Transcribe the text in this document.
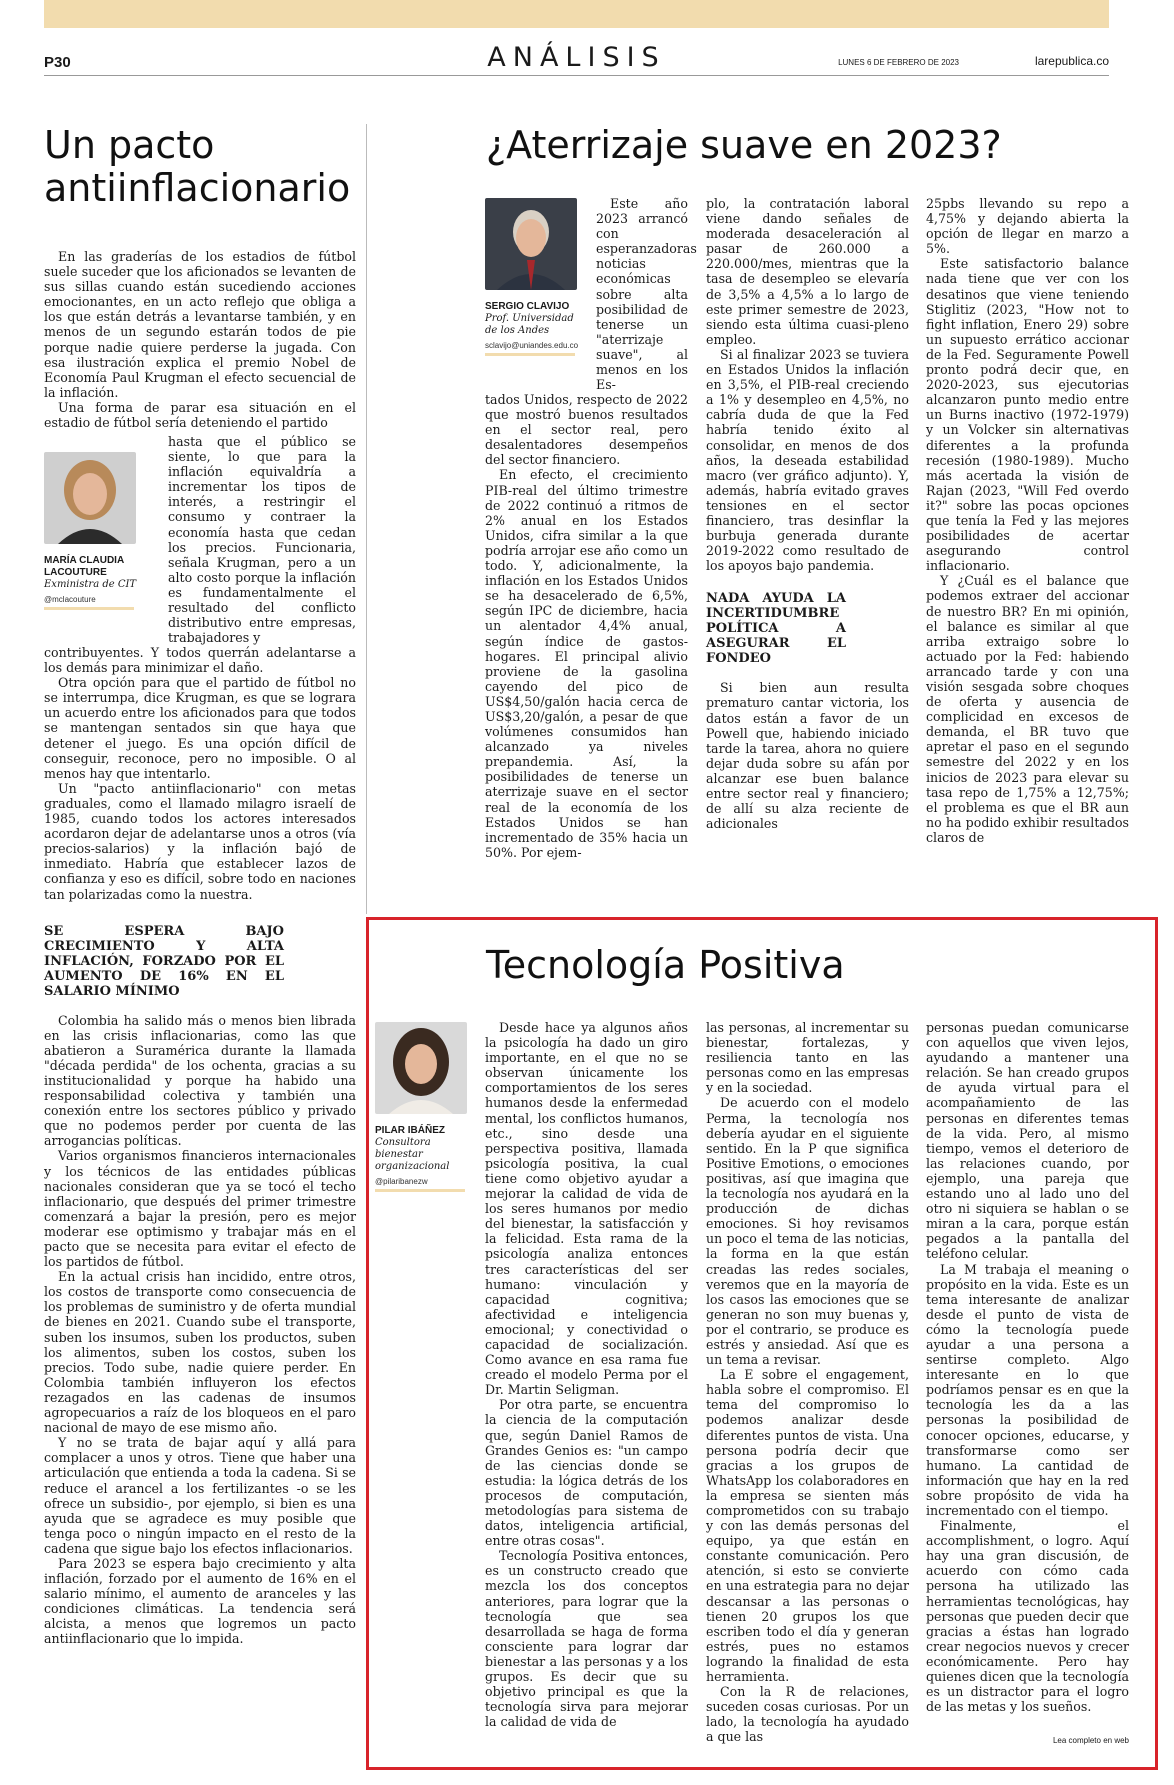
P30	ANÁLISIS	LUNES 6 DE FEBRERO DE 2023	larepublica.co
Un pacto
antiinflacionario

En las graderías de los estadios de fútbol suele suceder que los aficionados se levanten de sus sillas cuando están sucediendo acciones emocionantes, en un acto reflejo que obliga a los que están detrás a levantarse también, y en menos de un segundo estarán todos de pie porque nadie quiere perderse la jugada. Con esa ilustración explica el premio Nobel de Economía Paul Krugman el efecto secuencial de la inflación.

Una forma de parar esa situación en el estadio de fútbol sería deteniendo el partido

MARÍA CLAUDIA LACOUTURE
Exministra de CIT
@mclacouture

hasta que el público se siente, lo que para la inflación equivaldría a incrementar los tipos de interés, a restringir el consumo y contraer la economía hasta que cedan los precios. Funcionaria, señala Krugman, pero a un alto costo porque la inflación es fundamentalmente el resultado del conflicto distributivo entre empresas, trabajadores y

contribuyentes. Y todos querrán adelantarse a los demás para minimizar el daño.

Otra opción para que el partido de fútbol no se interrumpa, dice Krugman, es que se lograra un acuerdo entre los aficionados para que todos se mantengan sentados sin que haya que detener el juego. Es una opción difícil de conseguir, reconoce, pero no imposible. O al menos hay que intentarlo.

Un "pacto antiinflacionario" con metas graduales, como el llamado milagro israelí de 1985, cuando todos los actores interesados acordaron dejar de adelantarse unos a otros (vía precios-salarios) y la inflación bajó de inmediato. Habría que establecer lazos de confianza y eso es difícil, sobre todo en naciones tan polarizadas como la nuestra.

SE ESPERA BAJO CRECIMIENTO Y ALTA INFLACIÓN, FORZADO POR EL AUMENTO DE 16% EN EL SALARIO MÍNIMO

Colombia ha salido más o menos bien librada en las crisis inflacionarias, como las que abatieron a Suramérica durante la llamada "década perdida" de los ochenta, gracias a su institucionalidad y porque ha habido una responsabilidad colectiva y también una conexión entre los sectores público y privado que no podemos perder por cuenta de las arrogancias políticas.

Varios organismos financieros internacionales y los técnicos de las entidades públicas nacionales consideran que ya se tocó el techo inflacionario, que después del primer trimestre comenzará a bajar la presión, pero es mejor moderar ese optimismo y trabajar más en el pacto que se necesita para evitar el efecto de los partidos de fútbol.

En la actual crisis han incidido, entre otros, los costos de transporte como consecuencia de los problemas de suministro y de oferta mundial de bienes en 2021. Cuando sube el transporte, suben los insumos, suben los productos, suben los alimentos, suben los costos, suben los precios. Todo sube, nadie quiere perder. En Colombia también influyeron los efectos rezagados en las cadenas de insumos agropecuarios a raíz de los bloqueos en el paro nacional de mayo de ese mismo año.

Y no se trata de bajar aquí y allá para complacer a unos y otros. Tiene que haber una articulación que entienda a toda la cadena. Si se reduce el arancel a los fertilizantes -o se les ofrece un subsidio-, por ejemplo, si bien es una ayuda que se agradece es muy posible que tenga poco o ningún impacto en el resto de la cadena que sigue bajo los efectos inflacionarios.

Para 2023 se espera bajo crecimiento y alta inflación, forzado por el aumento de 16% en el salario mínimo, el aumento de aranceles y las condiciones climáticas. La tendencia será alcista, a menos que logremos un pacto antiinflacionario que lo impida.

¿Aterrizaje suave en 2023?
SERGIO CLAVIJO
Prof. Universidad de los Andes
sclavijo@uniandes.edu.co

Este año 2023 arrancó con esperanzadoras noticias económicas sobre alta posibilidad de tenerse un "aterrizaje suave", al menos en los Es-

tados Unidos, respecto de 2022 que mostró buenos resultados en el sector real, pero desalentadores desempeños del sector financiero.

En efecto, el crecimiento PIB-real del último trimestre de 2022 continuó a ritmos de 2% anual en los Estados Unidos, cifra similar a la que podría arrojar ese año como un todo. Y, adicionalmente, la inflación en los Estados Unidos se ha desacelerado de 6,5%, según IPC de diciembre, hacia un alentador 4,4% anual, según índice de gastos-hogares. El principal alivio proviene de la gasolina cayendo del pico de US$4,50/galón hacia cerca de US$3,20/galón, a pesar de que volúmenes consumidos han alcanzado ya niveles prepandemia. Así, la posibilidades de tenerse un aterrizaje suave en el sector real de la economía de los Estados Unidos se han incrementado de 35% hacia un 50%. Por ejem-

plo, la contratación laboral viene dando señales de moderada desaceleración al pasar de 260.000 a 220.000/mes, mientras que la tasa de desempleo se elevaría de 3,5% a 4,5% a lo largo de este primer semestre de 2023, siendo esta última cuasi-pleno empleo.

Si al finalizar 2023 se tuviera en Estados Unidos la inflación en 3,5%, el PIB-real creciendo a 1% y desempleo en 4,5%, no cabría duda de que la Fed habría tenido éxito al consolidar, en menos de dos años, la deseada estabilidad macro (ver gráfico adjunto). Y, además, habría evitado graves tensiones en el sector financiero, tras desinflar la burbuja generada durante 2019-2022 como resultado de los apoyos bajo pandemia.

NADA AYUDA LA INCERTIDUMBRE POLÍTICA A ASEGURAR EL FONDEO

Si bien aun resulta prematuro cantar victoria, los datos están a favor de un Powell que, habiendo iniciado tarde la tarea, ahora no quiere dejar duda sobre su afán por alcanzar ese buen balance entre sector real y financiero; de allí su alza reciente de adicionales

25pbs llevando su repo a 4,75% y dejando abierta la opción de llegar en marzo a 5%.

Este satisfactorio balance nada tiene que ver con los desatinos que viene teniendo Stiglitiz (2023, "How not to fight inflation, Enero 29) sobre un supuesto errático accionar de la Fed. Seguramente Powell pronto podrá decir que, en 2020-2023, sus ejecutorias alcanzaron punto medio entre un Burns inactivo (1972-1979) y un Volcker sin alternativas diferentes a la profunda recesión (1980-1989). Mucho más acertada la visión de Rajan (2023, "Will Fed overdo it?" sobre las pocas opciones que tenía la Fed y las mejores posibilidades de acertar asegurando control inflacionario.

Y ¿Cuál es el balance que podemos extraer del accionar de nuestro BR? En mi opinión, el balance es similar al que arriba extraigo sobre lo actuado por la Fed: habiendo arrancado tarde y con una visión sesgada sobre choques de oferta y ausencia de complicidad en excesos de demanda, el BR tuvo que apretar el paso en el segundo semestre del 2022 y en los inicios de 2023 para elevar su tasa repo de 1,75% a 12,75%; el problema es que el BR aun no ha podido exhibir resultados claros de

Tecnología Positiva
PILAR IBÁÑEZ
Consultora bienestar organizacional
@pilaribanezw

Desde hace ya algunos años la psicología ha dado un giro importante, en el que no se observan únicamente los comportamientos de los seres humanos desde la enfermedad mental, los conflictos humanos, etc., sino desde una perspectiva positiva, llamada psicología positiva, la cual tiene como objetivo ayudar a mejorar la calidad de vida de los seres humanos por medio del bienestar, la satisfacción y la felicidad. Esta rama de la psicología analiza entonces tres características del ser humano: vinculación y capacidad cognitiva; afectividad e inteligencia emocional; y conectividad o capacidad de socialización. Como avance en esa rama fue creado el modelo Perma por el Dr. Martin Seligman.

Por otra parte, se encuentra la ciencia de la computación que, según Daniel Ramos de Grandes Genios es: "un campo de las ciencias donde se estudia: la lógica detrás de los procesos de computación, metodologías para sistema de datos, inteligencia artificial, entre otras cosas".

Tecnología Positiva entonces, es un constructo creado que mezcla los dos conceptos anteriores, para lograr que la tecnología que sea desarrollada se haga de forma consciente para lograr dar bienestar a las personas y a los grupos. Es decir que su objetivo principal es que la tecnología sirva para mejorar la calidad de vida de

las personas, al incrementar su bienestar, fortalezas, y resiliencia tanto en las personas como en las empresas y en la sociedad.

De acuerdo con el modelo Perma, la tecnología nos debería ayudar en el siguiente sentido. En la P que significa Positive Emotions, o emociones positivas, así que imagina que la tecnología nos ayudará en la producción de dichas emociones. Si hoy revisamos un poco el tema de las noticias, la forma en la que están creadas las redes sociales, veremos que en la mayoría de los casos las emociones que se generan no son muy buenas y, por el contrario, se produce es estrés y ansiedad. Así que es un tema a revisar.

La E sobre el engagement, habla sobre el compromiso. El tema del compromiso lo podemos analizar desde diferentes puntos de vista. Una persona podría decir que gracias a los grupos de WhatsApp los colaboradores en la empresa se sienten más comprometidos con su trabajo y con las demás personas del equipo, ya que están en constante comunicación. Pero atención, si esto se convierte en una estrategia para no dejar descansar a las personas o tienen 20 grupos los que escriben todo el día y generan estrés, pues no estamos logrando la finalidad de esta herramienta.

Con la R de relaciones, suceden cosas curiosas. Por un lado, la tecnología ha ayudado a que las

personas puedan comunicarse con aquellos que viven lejos, ayudando a mantener una relación. Se han creado grupos de ayuda virtual para el acompañamiento de las personas en diferentes temas de la vida. Pero, al mismo tiempo, vemos el deterioro de las relaciones cuando, por ejemplo, una pareja que estando uno al lado uno del otro ni siquiera se hablan o se miran a la cara, porque están pegados a la pantalla del teléfono celular.

La M trabaja el meaning o propósito en la vida. Este es un tema interesante de analizar desde el punto de vista de cómo la tecnología puede ayudar a una persona a sentirse completo. Algo interesante en lo que podríamos pensar es en que la tecnología les da a las personas la posibilidad de conocer opciones, educarse, y transformarse como ser humano. La cantidad de información que hay en la red sobre propósito de vida ha incrementado con el tiempo.

Finalmente, el accomplishment, o logro. Aquí hay una gran discusión, de acuerdo con cómo cada persona ha utilizado las herramientas tecnológicas, hay personas que pueden decir que gracias a éstas han logrado crear negocios nuevos y crecer económicamente. Pero hay quienes dicen que la tecnología es un distractor para el logro de las metas y los sueños.

Lea completo en web
